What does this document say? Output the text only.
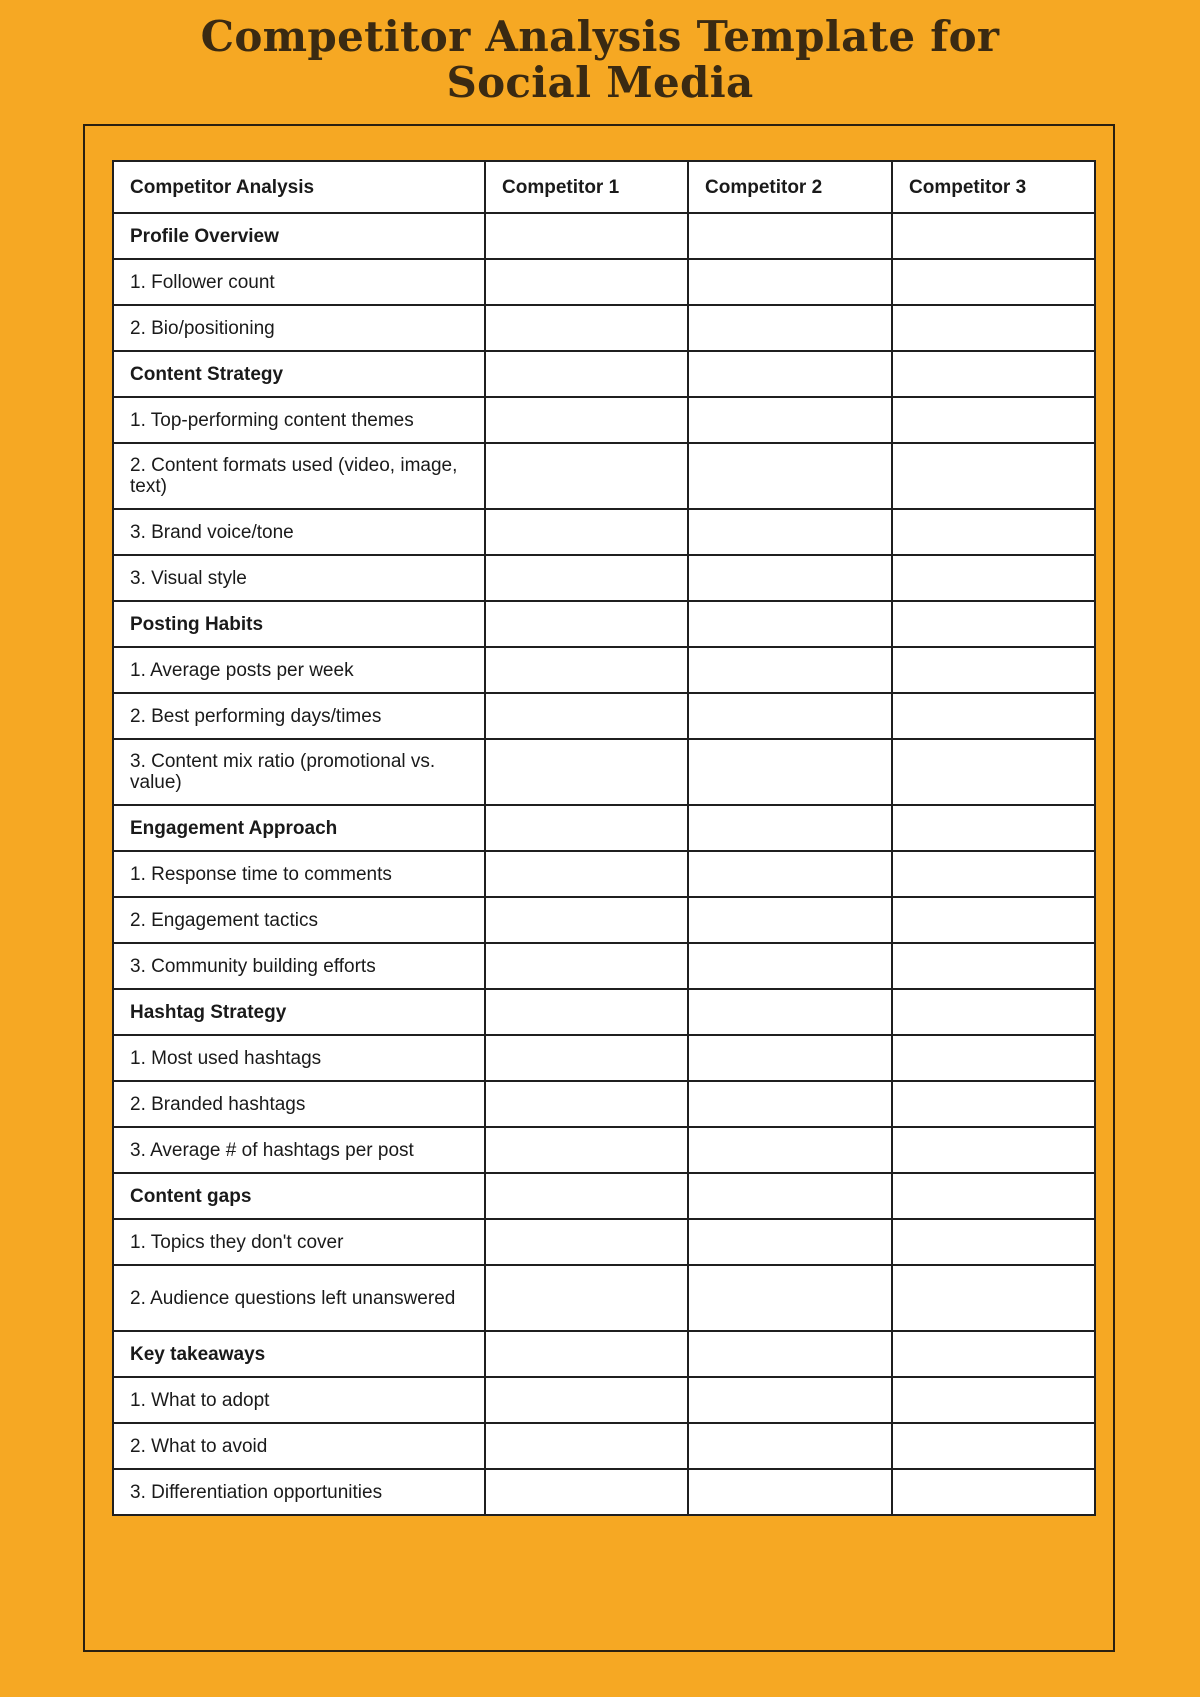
Competitor Analysis Template for
Social Media
Competitor Analysis	Competitor 1	Competitor 2	Competitor 3
Profile Overview			
1. Follower count			
2. Bio/positioning			
Content Strategy			
1. Top-performing content themes			
2. Content formats used (video, image, text)			
3. Brand voice/tone			
3. Visual style			
Posting Habits			
1. Average posts per week			
2. Best performing days/times			
3. Content mix ratio (promotional vs. value)			
Engagement Approach			
1. Response time to comments			
2. Engagement tactics			
3. Community building efforts			
Hashtag Strategy			
1. Most used hashtags			
2. Branded hashtags			
3. Average # of hashtags per post			
Content gaps			
1. Topics they don't cover			
2. Audience questions left unanswered			
Key takeaways			
1. What to adopt			
2. What to avoid			
3. Differentiation opportunities			
